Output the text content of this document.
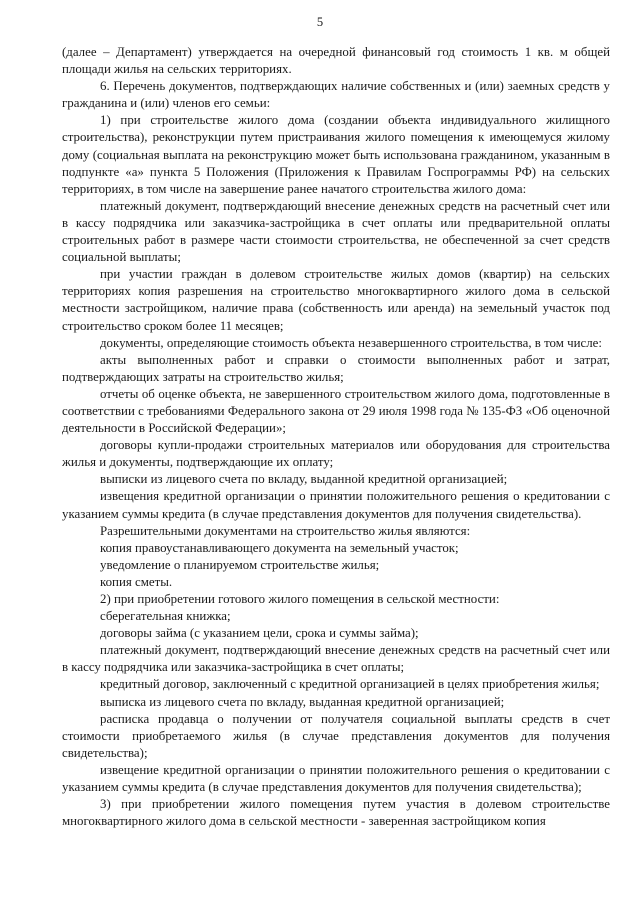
5

(далее – Департамент) утверждается на очередной финансовый год стоимость 1 кв. м общей площади жилья на сельских территориях.

6. Перечень документов, подтверждающих наличие собственных и (или) заемных средств у гражданина и (или) членов его семьи:

1) при строительстве жилого дома (создании объекта индивидуального жилищного строительства), реконструкции путем пристраивания жилого помещения к имеющемуся жилому дому (социальная выплата на реконструкцию может быть использована гражданином, указанным в подпункте «а» пункта 5 Положения (Приложения к Правилам Госпрограммы РФ) на сельских территориях, в том числе на завершение ранее начатого строительства жилого дома:

платежный документ, подтверждающий внесение денежных средств на расчетный счет или в кассу подрядчика или заказчика-застройщика в счет оплаты или предварительной оплаты строительных работ в размере части стоимости строительства, не обеспеченной за счет средств социальной выплаты;

при участии граждан в долевом строительстве жилых домов (квартир) на сельских территориях копия разрешения на строительство многоквартирного жилого дома в сельской местности застройщиком, наличие права (собственность или аренда) на земельный участок под строительство сроком более 11 месяцев;

документы, определяющие стоимость объекта незавершенного строительства, в том числе:

акты выполненных работ и справки о стоимости выполненных работ и затрат, подтверждающих затраты на строительство жилья;

отчеты об оценке объекта, не завершенного строительством жилого дома, подготовленные в соответствии с требованиями Федерального закона от 29 июля 1998 года № 135-ФЗ «Об оценочной деятельности в Российской Федерации»;

договоры купли-продажи строительных материалов или оборудования для строительства жилья и документы, подтверждающие их оплату;

выписки из лицевого счета по вкладу, выданной кредитной организацией;

извещения кредитной организации о принятии положительного решения о кредитовании с указанием суммы кредита (в случае представления документов для получения свидетельства).

Разрешительными документами на строительство жилья являются:

копия правоустанавливающего документа на земельный участок;

уведомление о планируемом строительстве жилья;

копия сметы.

2) при приобретении готового жилого помещения в сельской местности:

сберегательная книжка;

договоры займа (с указанием цели, срока и суммы займа);

платежный документ, подтверждающий внесение денежных средств на расчетный счет или в кассу подрядчика или заказчика-застройщика в счет оплаты;

кредитный договор, заключенный с кредитной организацией в целях приобретения жилья;

выписка из лицевого счета по вкладу, выданная кредитной организацией;

расписка продавца о получении от получателя социальной выплаты средств в счет стоимости приобретаемого жилья (в случае представления документов для получения свидетельства);

извещение кредитной организации о принятии положительного решения о кредитовании с указанием суммы кредита (в случае представления документов для получения свидетельства);

3) при приобретении жилого помещения путем участия в долевом строительстве многоквартирного жилого дома в сельской местности - заверенная застройщиком копия
